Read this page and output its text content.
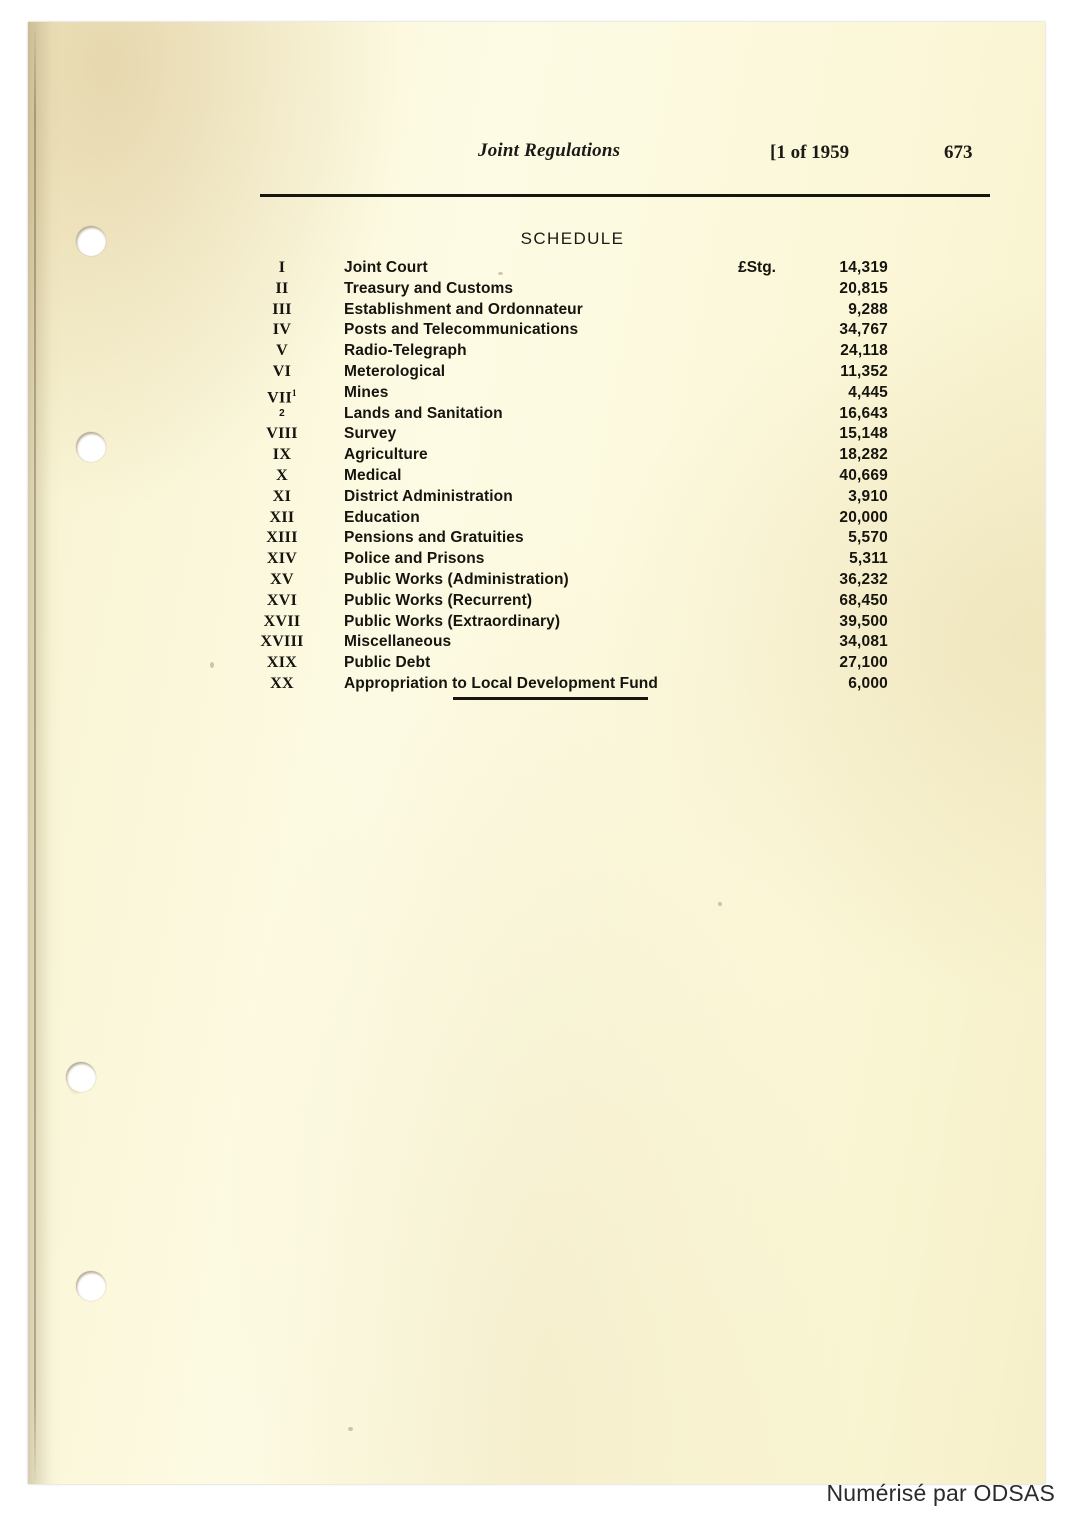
Joint Regulations	[1 of 1959	673
SCHEDULE
I	Joint Court	£Stg.	14,319
II	Treasury and Customs	20,815
III	Establishment and Ordonnateur	9,288
IV	Posts and Telecommunications	34,767
V	Radio-Telegraph	24,118
VI	Meterological	11,352
VII$^1$	Mines	4,445
2	Lands and Sanitation	16,643
VIII	Survey	15,148
IX	Agriculture	18,282
X	Medical	40,669
XI	District Administration	3,910
XII	Education	20,000
XIII	Pensions and Gratuities	5,570
XIV	Police and Prisons	5,311
XV	Public Works (Administration)	36,232
XVI	Public Works (Recurrent)	68,450
XVII	Public Works (Extraordinary)	39,500
XVIII	Miscellaneous	34,081
XIX	Public Debt	27,100
XX	Appropriation to Local Development Fund	6,000
Numérisé par ODSAS
